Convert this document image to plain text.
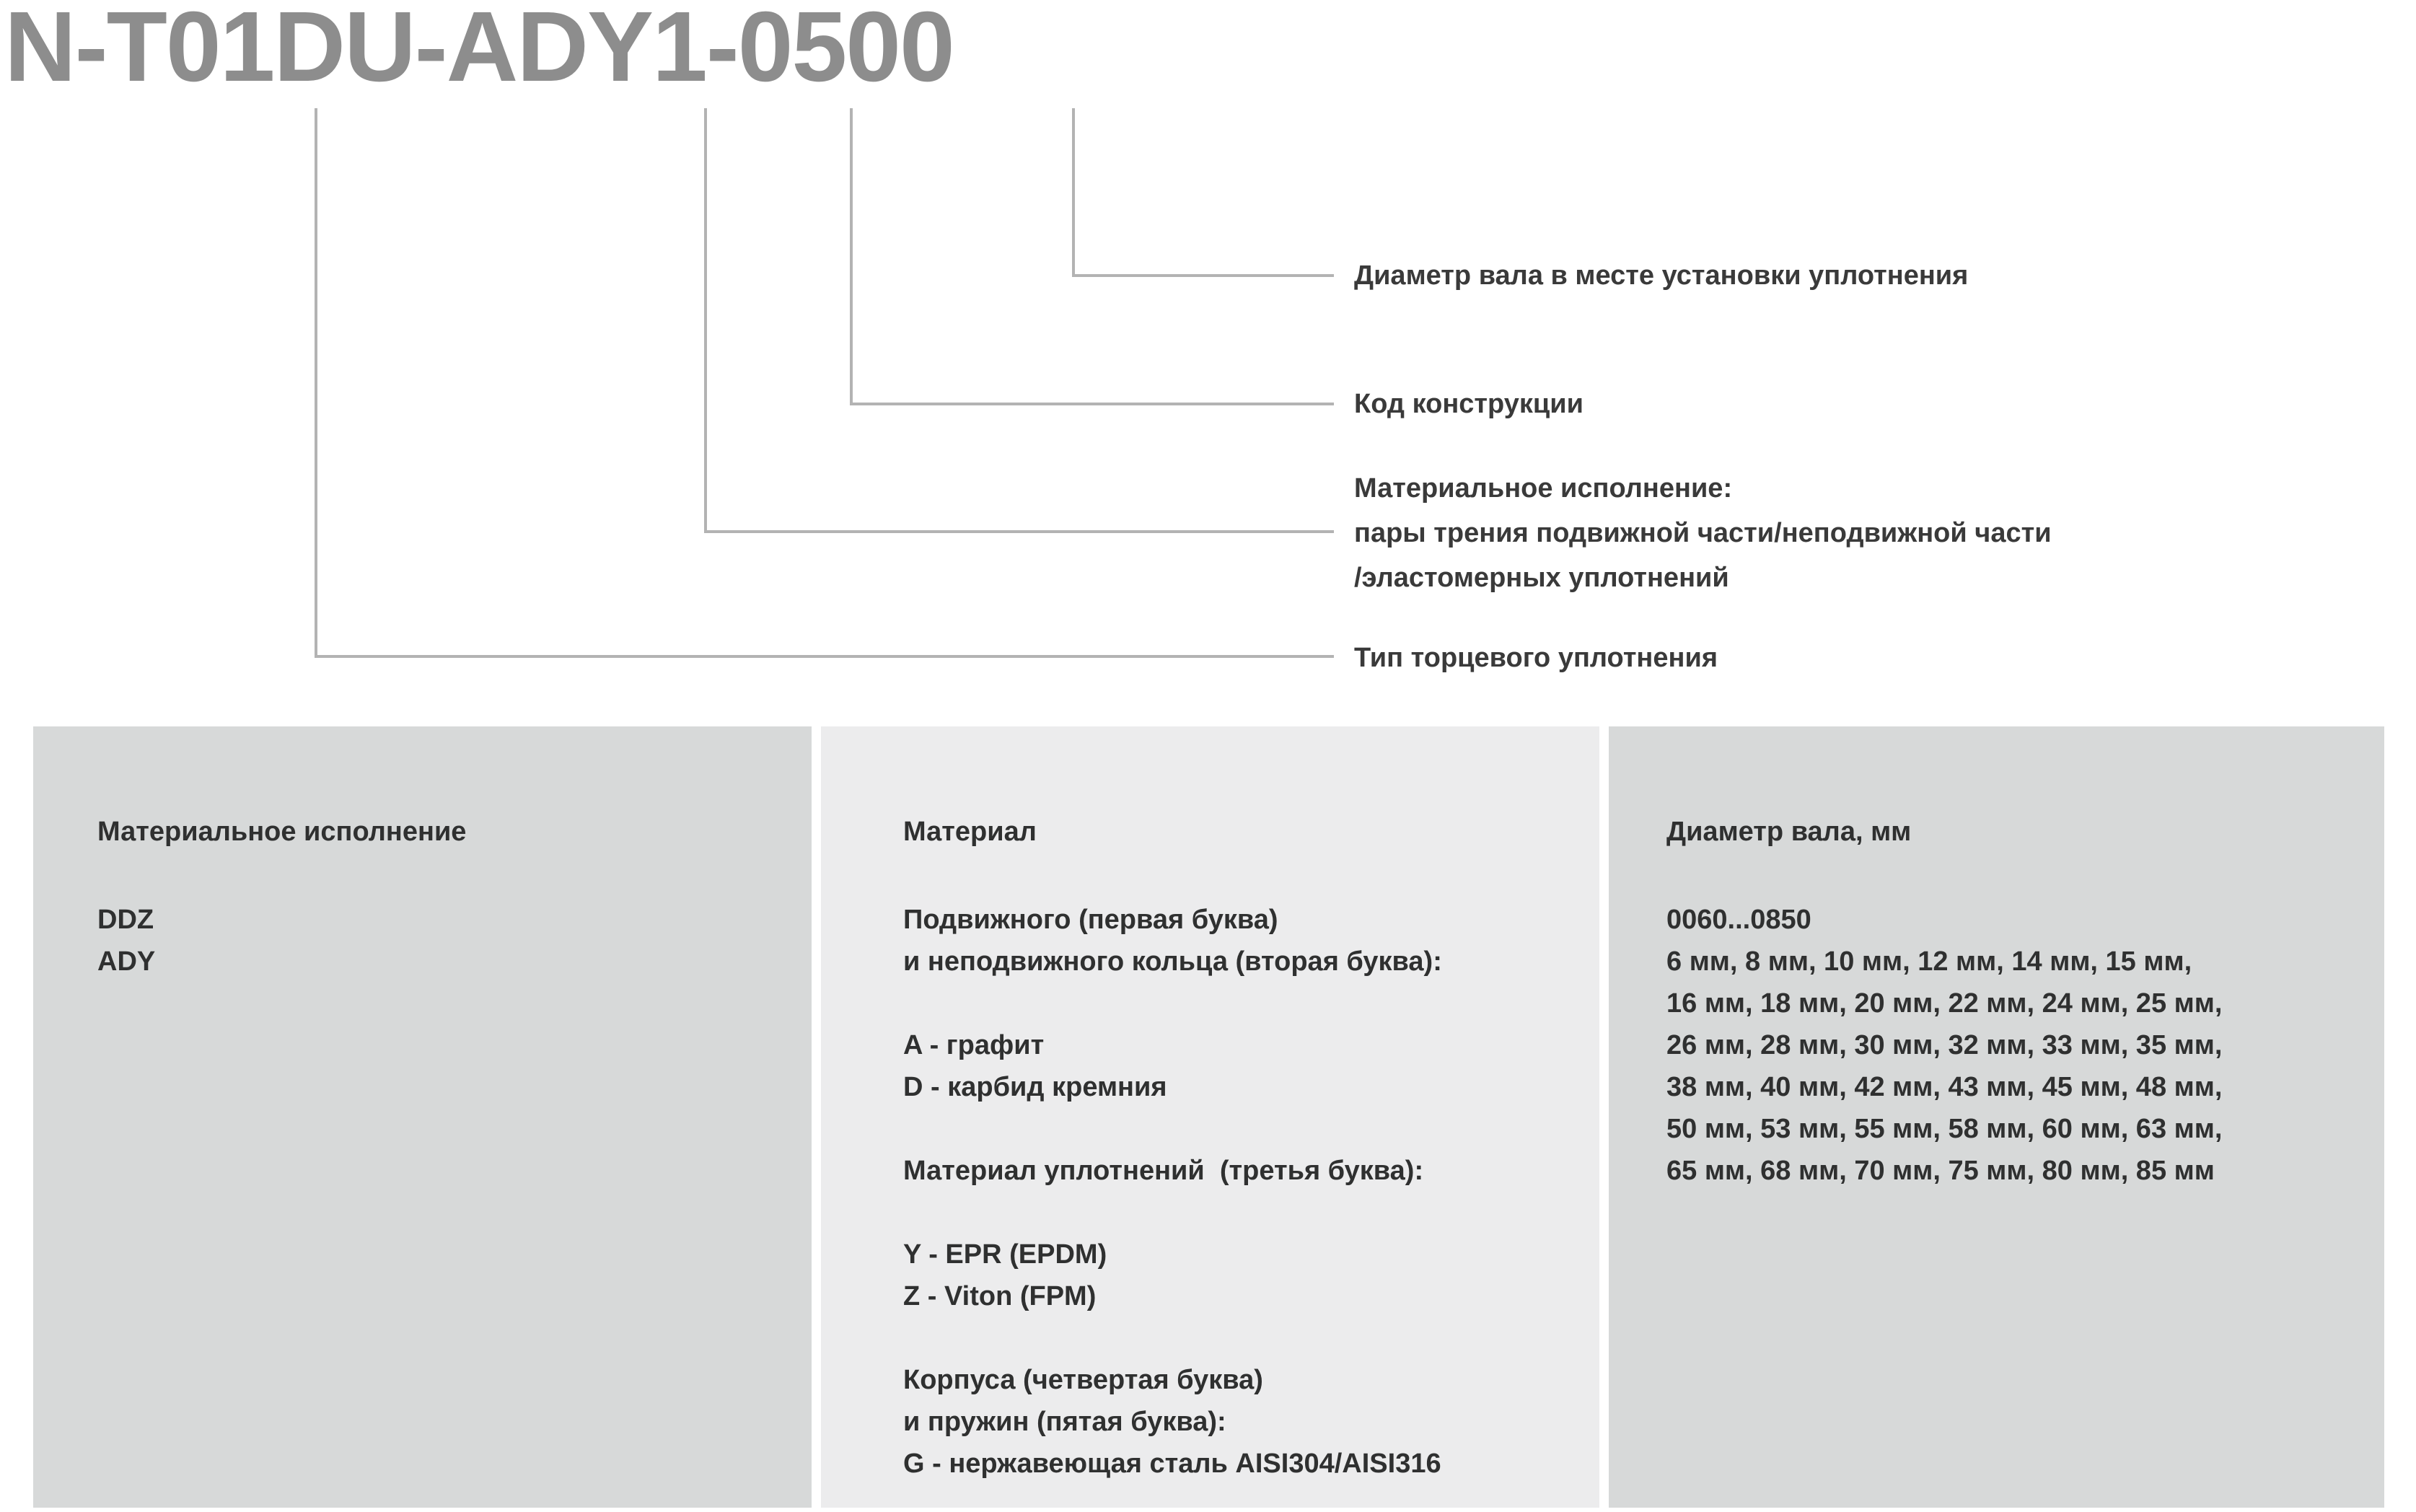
N-T01DU-ADY1-0500
Диаметр вала в месте установки уплотнения
Код конструкции
Материальное исполнение:
пары трения подвижной части/неподвижной части
/эластомерных уплотнений
Тип торцевого уплотнения
Материальное исполнение	Материал	Диаметр вала, мм
DDZ
ADY
Подвижного (первая буква)
и неподвижного кольца (вторая буква):

A - графит
D - карбид кремния

Материал уплотнений  (третья буква):

Y - EPR (EPDM)
Z - Viton (FPM)

Корпуса (четвертая буква)
и пружин (пятая буква):
G - нержавеющая сталь AISI304/AISI316
0060...0850
6 мм, 8 мм, 10 мм, 12 мм, 14 мм, 15 мм,
16 мм, 18 мм, 20 мм, 22 мм, 24 мм, 25 мм,
26 мм, 28 мм, 30 мм, 32 мм, 33 мм, 35 мм,
38 мм, 40 мм, 42 мм, 43 мм, 45 мм, 48 мм,
50 мм, 53 мм, 55 мм, 58 мм, 60 мм, 63 мм,
65 мм, 68 мм, 70 мм, 75 мм, 80 мм, 85 мм
